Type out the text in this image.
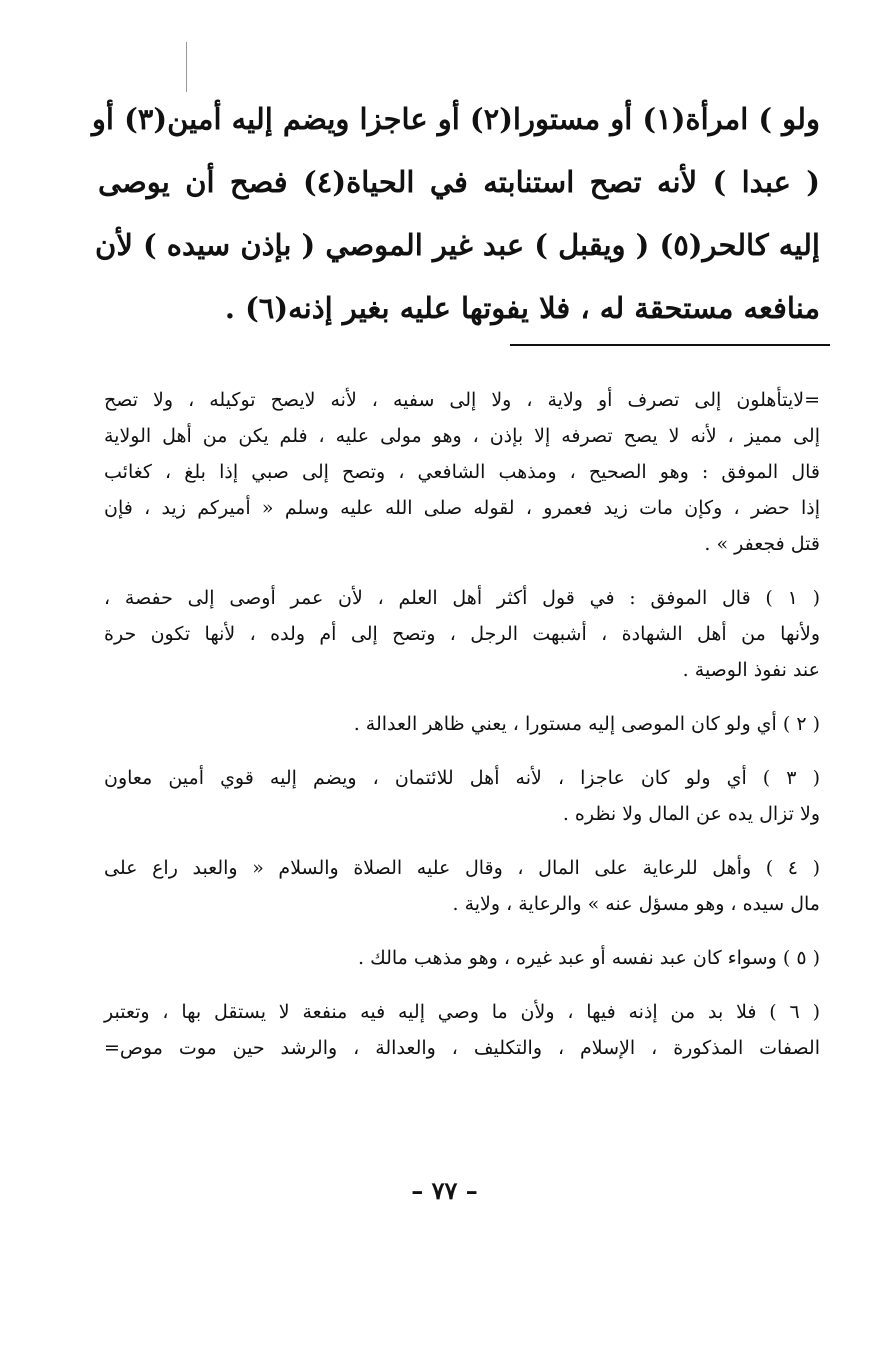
ولو ) امرأة(١) أو مستورا(٢) أو عاجزا ويضم إليه أمين(٣) أو
( عبدا ) لأنه تصح استنابته في الحياة(٤) فصح أن يوصى
إليه كالحر(٥) ( ويقبل ) عبد غير الموصي ( بإذن سيده ) لأن
منافعه مستحقة له ، فلا يفوتها عليه بغير إذنه(٦) .
=لايتأهلون إلى تصرف أو ولاية ، ولا إلى سفيه ، لأنه لايصح توكيله ، ولا تصح
إلى مميز ، لأنه لا يصح تصرفه إلا بإذن ، وهو مولى عليه ، فلم يكن من أهل الولاية
قال الموفق : وهو الصحيح ، ومذهب الشافعي ، وتصح إلى صبي إذا بلغ ، كغائب
إذا حضر ، وكإن مات زيد فعمرو ، لقوله صلى الله عليه وسلم « أميركم زيد ، فإن
قتل فجعفر » .
( ١ ) قال الموفق : في قول أكثر أهل العلم ، لأن عمر أوصى إلى حفصة ،
ولأنها من أهل الشهادة ، أشبهت الرجل ، وتصح إلى أم ولده ، لأنها تكون حرة
عند نفوذ الوصية .
( ٢ ) أي ولو كان الموصى إليه مستورا ، يعني ظاهر العدالة .
( ٣ ) أي ولو كان عاجزا ، لأنه أهل للائتمان ، ويضم إليه قوي أمين معاون
ولا تزال يده عن المال ولا نظره .
( ٤ ) وأهل للرعاية على المال ، وقال عليه الصلاة والسلام « والعبد راع على
مال سيده ، وهو مسؤل عنه » والرعاية ، ولاية .
( ٥ ) وسواء كان عبد نفسه أو عبد غيره ، وهو مذهب مالك .
( ٦ ) فلا بد من إذنه فيها ، ولأن ما وصي إليه فيه منفعة لا يستقل بها ، وتعتبر
الصفات المذكورة ، الإسلام ، والتكليف ، والعدالة ، والرشد حين موت موص=
– ٧٧ –
